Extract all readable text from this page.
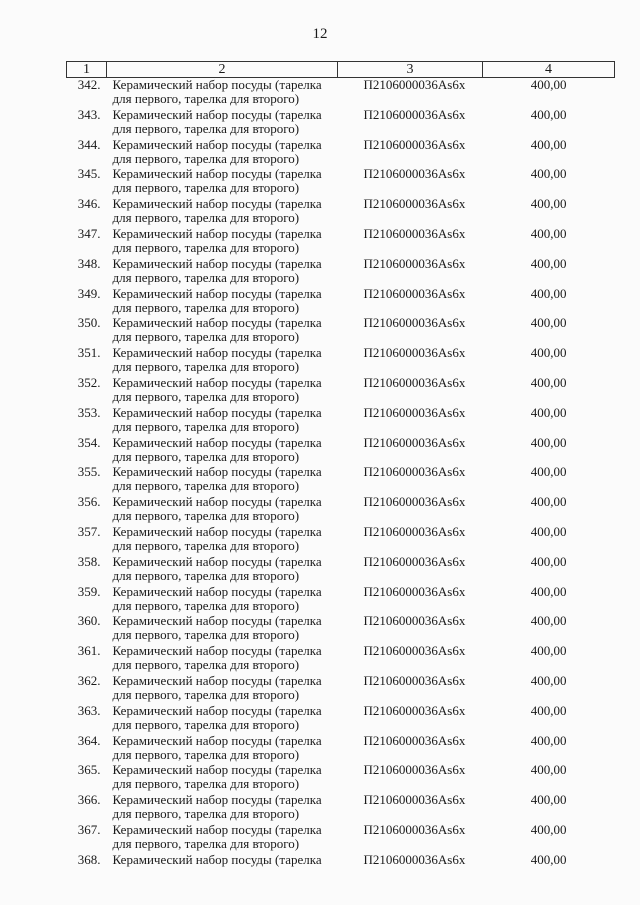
12
1	2	3	4
342.	Керамический набор посуды (тарелка
для первого, тарелка для второго)	П2106000036Аs6х	400,00
343.	Керамический набор посуды (тарелка
для первого, тарелка для второго)	П2106000036Аs6х	400,00
344.	Керамический набор посуды (тарелка
для первого, тарелка для второго)	П2106000036Аs6х	400,00
345.	Керамический набор посуды (тарелка
для первого, тарелка для второго)	П2106000036Аs6х	400,00
346.	Керамический набор посуды (тарелка
для первого, тарелка для второго)	П2106000036Аs6х	400,00
347.	Керамический набор посуды (тарелка
для первого, тарелка для второго)	П2106000036Аs6х	400,00
348.	Керамический набор посуды (тарелка
для первого, тарелка для второго)	П2106000036Аs6х	400,00
349.	Керамический набор посуды (тарелка
для первого, тарелка для второго)	П2106000036Аs6х	400,00
350.	Керамический набор посуды (тарелка
для первого, тарелка для второго)	П2106000036Аs6х	400,00
351.	Керамический набор посуды (тарелка
для первого, тарелка для второго)	П2106000036Аs6х	400,00
352.	Керамический набор посуды (тарелка
для первого, тарелка для второго)	П2106000036Аs6х	400,00
353.	Керамический набор посуды (тарелка
для первого, тарелка для второго)	П2106000036Аs6х	400,00
354.	Керамический набор посуды (тарелка
для первого, тарелка для второго)	П2106000036Аs6х	400,00
355.	Керамический набор посуды (тарелка
для первого, тарелка для второго)	П2106000036Аs6х	400,00
356.	Керамический набор посуды (тарелка
для первого, тарелка для второго)	П2106000036Аs6х	400,00
357.	Керамический набор посуды (тарелка
для первого, тарелка для второго)	П2106000036Аs6х	400,00
358.	Керамический набор посуды (тарелка
для первого, тарелка для второго)	П2106000036Аs6х	400,00
359.	Керамический набор посуды (тарелка
для первого, тарелка для второго)	П2106000036Аs6х	400,00
360.	Керамический набор посуды (тарелка
для первого, тарелка для второго)	П2106000036Аs6х	400,00
361.	Керамический набор посуды (тарелка
для первого, тарелка для второго)	П2106000036Аs6х	400,00
362.	Керамический набор посуды (тарелка
для первого, тарелка для второго)	П2106000036Аs6х	400,00
363.	Керамический набор посуды (тарелка
для первого, тарелка для второго)	П2106000036Аs6х	400,00
364.	Керамический набор посуды (тарелка
для первого, тарелка для второго)	П2106000036Аs6х	400,00
365.	Керамический набор посуды (тарелка
для первого, тарелка для второго)	П2106000036Аs6х	400,00
366.	Керамический набор посуды (тарелка
для первого, тарелка для второго)	П2106000036Аs6х	400,00
367.	Керамический набор посуды (тарелка
для первого, тарелка для второго)	П2106000036Аs6х	400,00
368.	Керамический набор посуды (тарелка	П2106000036Аs6х	400,00
